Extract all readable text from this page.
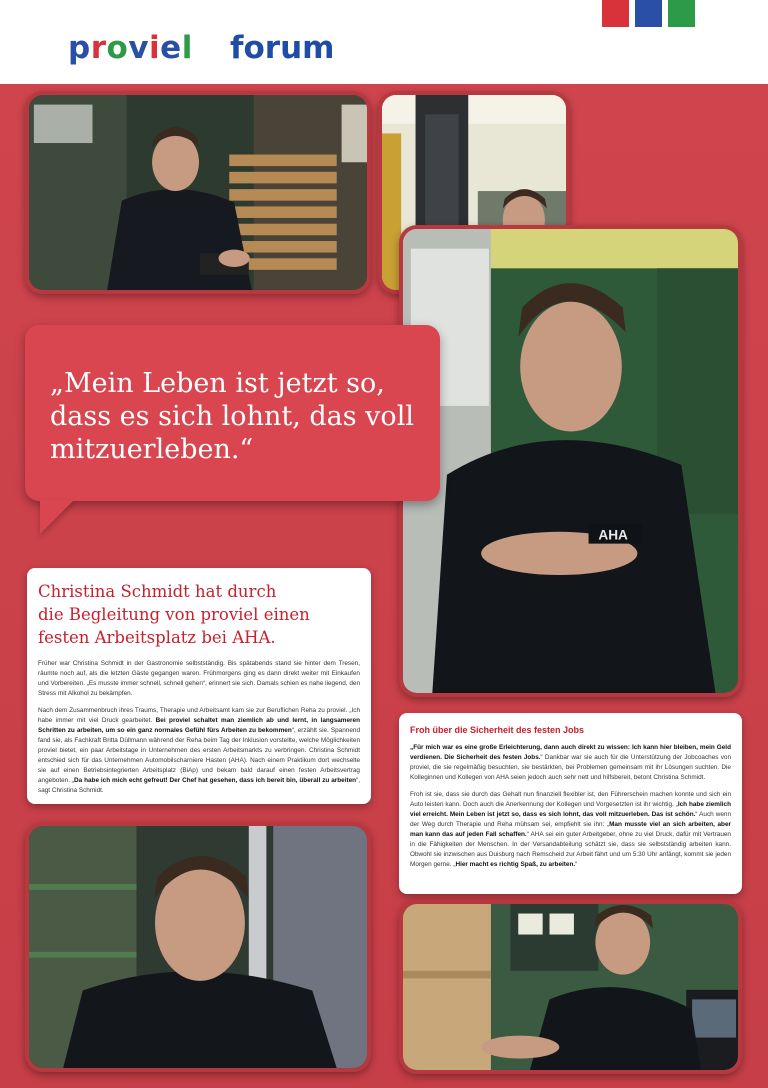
proviel forum
AHA
„Mein Leben ist jetzt so,
dass es sich lohnt, das voll
mitzuerleben.“
Christina Schmidt hat durch
die Begleitung von proviel einen
festen Arbeitsplatz bei AHA.

Früher war Christina Schmidt in der Gastronomie selbstständig. Bis spätabends stand sie hinter dem Tresen, räumte noch auf, als die letzten Gäste gegangen waren. Frühmorgens ging es dann direkt weiter mit Einkaufen und Vorbereiten. „Es musste immer schnell, schnell gehen“, erinnert sie sich. Damals schien es nahe liegend, den Stress mit Alkohol zu bekämpfen.

Nach dem Zusammenbruch ihres Traums, Therapie und Arbeitsamt kam sie zur Beruflichen Reha zu proviel. „Ich habe immer mit viel Druck gearbeitet. Bei proviel schaltet man ziemlich ab und lernt, in langsameren Schritten zu arbeiten, um so ein ganz normales Gefühl fürs Arbeiten zu bekommen“, erzählt sie. Spannend fand sie, als Fachkraft Britta Düllmann während der Reha beim Tag der Inklusion vorstellte, welche Möglichkeiten proviel bietet, ein paar Arbeitstage in Unternehmen des ersten Arbeitsmarkts zu verbringen. Christina Schmidt entschied sich für das Unternehmen Automobilscharniere Hasten (AHA). Nach einem Praktikum dort wechselte sie auf einen Betriebsintegrierten Arbeitsplatz (BiAp) und bekam bald darauf einen festen Arbeitsvertrag angeboten. „Da habe ich mich echt gefreut! Der Chef hat gesehen, dass ich bereit bin, überall zu arbeiten“, sagt Christina Schmidt.

Froh über die Sicherheit des festen Jobs

„Für mich war es eine große Erleichterung, dann auch direkt zu wissen: Ich kann hier bleiben, mein Geld verdienen. Die Sicherheit des festen Jobs.“ Dankbar war sie auch für die Unterstützung der Jobcoaches von proviel, die sie regelmäßig besuchten, sie bestärkten, bei Problemen gemeinsam mit ihr Lösungen suchten. Die Kolleginnen und Kollegen von AHA seien jedoch auch sehr nett und hilfsbereit, betont Christina Schmidt.

Froh ist sie, dass sie durch das Gehalt nun finanziell flexibler ist, den Führerschein machen konnte und sich ein Auto leisten kann. Doch auch die Anerkennung der Kollegen und Vorgesetzten ist ihr wichtig. „Ich habe ziemlich viel erreicht. Mein Leben ist jetzt so, dass es sich lohnt, das voll mitzuerleben. Das ist schön.“ Auch wenn der Weg durch Therapie und Reha mühsam sei, empfiehlt sie ihn: „Man musste viel an sich arbeiten, aber man kann das auf jeden Fall schaffen.“ AHA sei ein guter Arbeitgeber, ohne zu viel Druck, dafür mit Vertrauen in die Fähigkeiten der Menschen. In der Versandabteilung schätzt sie, dass sie selbstständig arbeiten kann. Obwohl sie inzwischen aus Duisburg nach Remscheid zur Arbeit fährt und um 5:30 Uhr anfängt, kommt sie jeden Morgen gerne. „Hier macht es richtig Spaß, zu arbeiten.“
